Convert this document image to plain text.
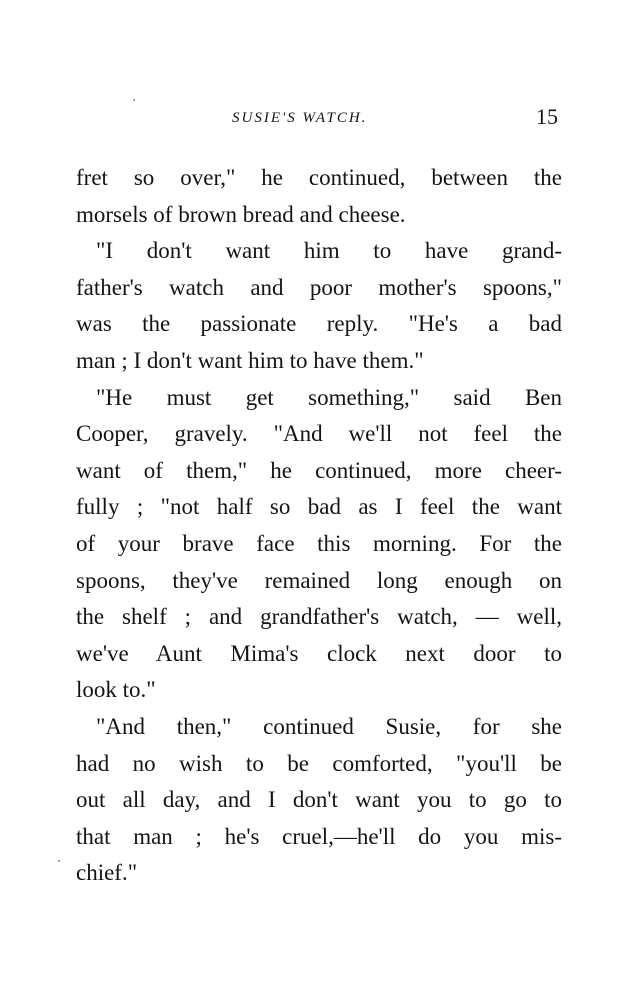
SUSIE'S WATCH.	15
fret so over," he continued, between the
morsels of brown bread and cheese.
"I don't want him to have grand-
father's watch and poor mother's spoons,"
was the passionate reply. "He's a bad
man ; I don't want him to have them."
"He must get something," said Ben
Cooper, gravely. "And we'll not feel the
want of them," he continued, more cheer-
fully ; "not half so bad as I feel the want
of your brave face this morning. For the
spoons, they've remained long enough on
the shelf ; and grandfather's watch, — well,
we've Aunt Mima's clock next door to
look to."
"And then," continued Susie, for she
had no wish to be comforted, "you'll be
out all day, and I don't want you to go to
that man ; he's cruel,—he'll do you mis-
chief."
